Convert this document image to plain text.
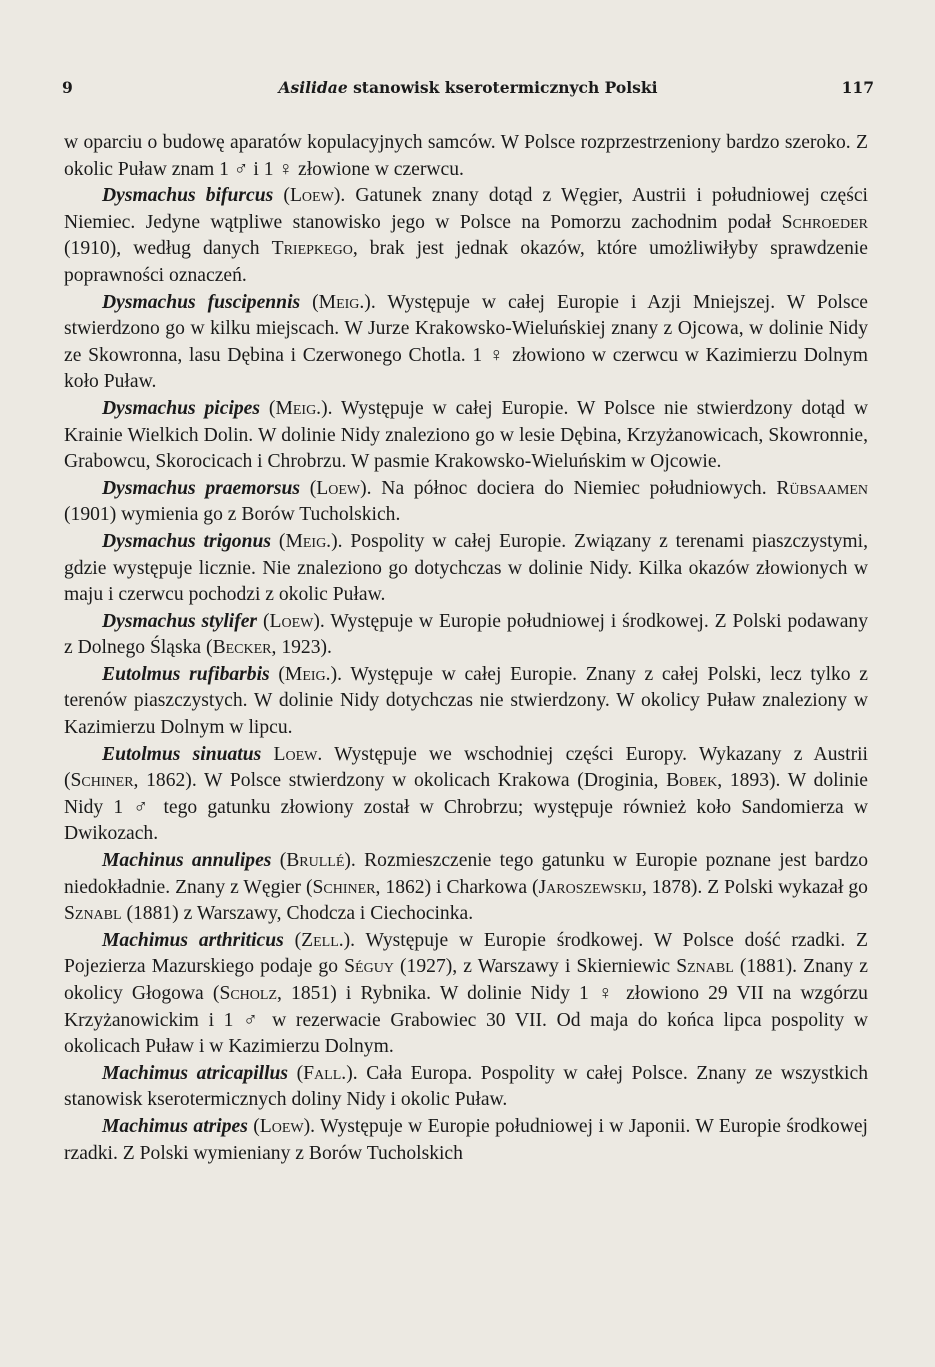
9	Asilidae stanowisk kserotermicznych Polski	117

w oparciu o budowę aparatów kopulacyjnych samców. W Polsce rozprzestrzeniony bardzo szeroko. Z okolic Puław znam 1 ♂ i 1 ♀ złowione w czerwcu.

Dysmachus bifurcus (Loew). Gatunek znany dotąd z Węgier, Austrii i południowej części Niemiec. Jedyne wątpliwe stanowisko jego w Polsce na Pomorzu zachodnim podał Schroeder (1910), według danych Triepkego, brak jest jednak okazów, które umożliwiłyby sprawdzenie poprawności oznaczeń.

Dysmachus fuscipennis (Meig.). Występuje w całej Europie i Azji Mniejszej. W Polsce stwierdzono go w kilku miejscach. W Jurze Krakowsko-Wieluńskiej znany z Ojcowa, w dolinie Nidy ze Skowronna, lasu Dębina i Czerwonego Chotla. 1 ♀ złowiono w czerwcu w Kazimierzu Dolnym koło Puław.

Dysmachus picipes (Meig.). Występuje w całej Europie. W Polsce nie stwierdzony dotąd w Krainie Wielkich Dolin. W dolinie Nidy znaleziono go w lesie Dębina, Krzyżanowicach, Skowronnie, Grabowcu, Skorocicach i Chrobrzu. W pasmie Krakowsko-Wieluńskim w Ojcowie.

Dysmachus praemorsus (Loew). Na północ dociera do Niemiec południowych. Rübsaamen (1901) wymienia go z Borów Tucholskich.

Dysmachus trigonus (Meig.). Pospolity w całej Europie. Związany z terenami piaszczystymi, gdzie występuje licznie. Nie znaleziono go dotychczas w dolinie Nidy. Kilka okazów złowionych w maju i czerwcu pochodzi z okolic Puław.

Dysmachus stylifer (Loew). Występuje w Europie południowej i środkowej. Z Polski podawany z Dolnego Śląska (Becker, 1923).

Eutolmus rufibarbis (Meig.). Występuje w całej Europie. Znany z całej Polski, lecz tylko z terenów piaszczystych. W dolinie Nidy dotychczas nie stwierdzony. W okolicy Puław znaleziony w Kazimierzu Dolnym w lipcu.

Eutolmus sinuatus Loew. Występuje we wschodniej części Europy. Wykazany z Austrii (Schiner, 1862). W Polsce stwierdzony w okolicach Krakowa (Droginia, Bobek, 1893). W dolinie Nidy 1 ♂ tego gatunku złowiony został w Chrobrzu; występuje również koło Sandomierza w Dwikozach.

Machinus annulipes (Brullé). Rozmieszczenie tego gatunku w Europie poznane jest bardzo niedokładnie. Znany z Węgier (Schiner, 1862) i Charkowa (Jaroszewskij, 1878). Z Polski wykazał go Sznabl (1881) z Warszawy, Chodcza i Ciechocinka.

Machimus arthriticus (Zell.). Występuje w Europie środkowej. W Polsce dość rzadki. Z Pojezierza Mazurskiego podaje go Séguy (1927), z Warszawy i Skierniewic Sznabl (1881). Znany z okolicy Głogowa (Scholz, 1851) i Rybnika. W dolinie Nidy 1 ♀ złowiono 29 VII na wzgórzu Krzyżanowickim i 1 ♂ w rezerwacie Grabowiec 30 VII. Od maja do końca lipca pospolity w okolicach Puław i w Kazimierzu Dolnym.

Machimus atricapillus (Fall.). Cała Europa. Pospolity w całej Polsce. Znany ze wszystkich stanowisk kserotermicznych doliny Nidy i okolic Puław.

Machimus atripes (Loew). Występuje w Europie południowej i w Japonii. W Europie środkowej rzadki. Z Polski wymieniany z Borów Tucholskich
